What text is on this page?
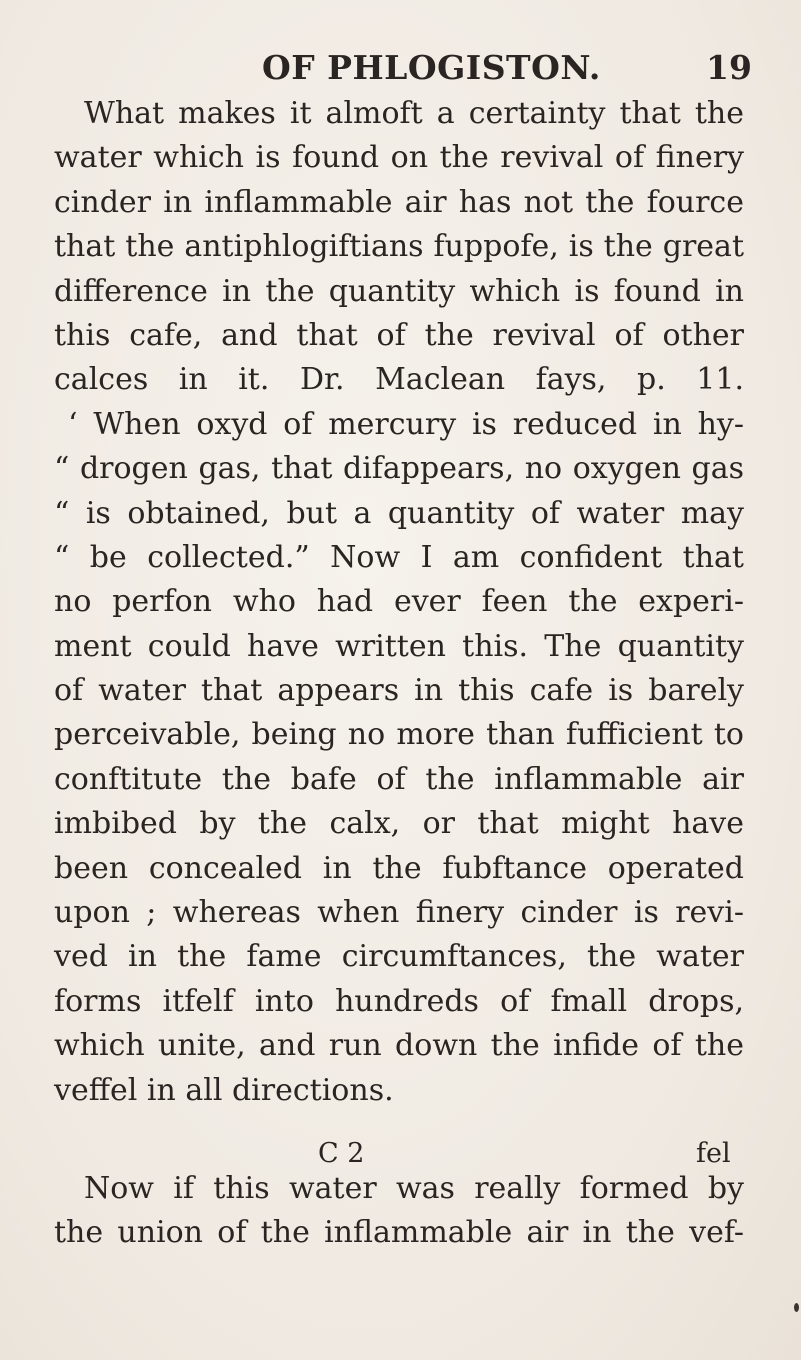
OF PHLOGISTON.	19
What makes it almoft a certainty that the
water which is found on the revival of finery
cinder in inflammable air has not the fource
that the antiphlogiftians fuppofe, is the great
difference in the quantity which is found in
this cafe, and that of the revival of other
calces in it. Dr. Maclean fays, p. 11.
‘ When oxyd of mercury is reduced in hy-
“ drogen gas, that difappears, no oxygen gas
“ is obtained, but a quantity of water may
“ be collected.” Now I am confident that
no perfon who had ever feen the experi-
ment could have written this. The quantity
of water that appears in this cafe is barely
perceivable, being no more than fufficient to
conftitute the bafe of the inflammable air
imbibed by the calx, or that might have
been concealed in the fubftance operated
upon ; whereas when finery cinder is revi-
ved in the fame circumftances, the water
forms itfelf into hundreds of fmall drops,
which unite, and run down the infide of the
veffel in all directions.
Now if this water was really formed by
the union of the inflammable air in the vef-
C 2	fel
